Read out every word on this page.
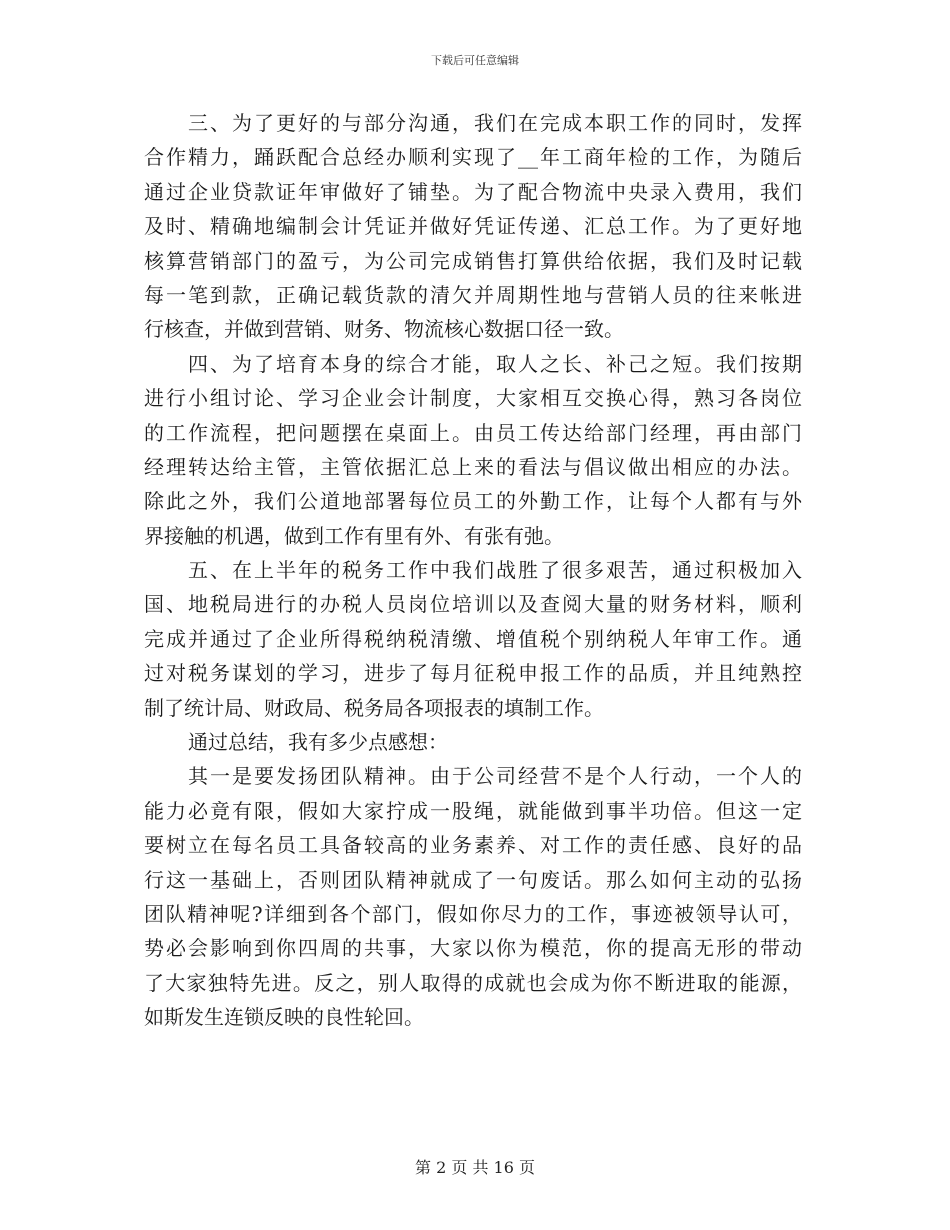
下载后可任意编辑
三、为了更好的与部分沟通，我们在完成本职工作的同时，发挥
合作精力，踊跃配合总经办顺利实现了__年工商年检的工作，为随后
通过企业贷款证年审做好了铺垫。为了配合物流中央录入费用，我们
及时、精确地编制会计凭证并做好凭证传递、汇总工作。为了更好地
核算营销部门的盈亏，为公司完成销售打算供给依据，我们及时记载
每一笔到款，正确记载货款的清欠并周期性地与营销人员的往来帐进
行核查，并做到营销、财务、物流核心数据口径一致。
四、为了培育本身的综合才能，取人之长、补己之短。我们按期
进行小组讨论、学习企业会计制度，大家相互交换心得，熟习各岗位
的工作流程，把问题摆在桌面上。由员工传达给部门经理，再由部门
经理转达给主管，主管依据汇总上来的看法与倡议做出相应的办法。
除此之外，我们公道地部署每位员工的外勤工作，让每个人都有与外
界接触的机遇，做到工作有里有外、有张有弛。
五、在上半年的税务工作中我们战胜了很多艰苦，通过积极加入
国、地税局进行的办税人员岗位培训以及查阅大量的财务材料，顺利
完成并通过了企业所得税纳税清缴、增值税个别纳税人年审工作。通
过对税务谋划的学习，进步了每月征税申报工作的品质，并且纯熟控
制了统计局、财政局、税务局各项报表的填制工作。
通过总结，我有多少点感想：
其一是要发扬团队精神。由于公司经营不是个人行动，一个人的
能力必竟有限，假如大家拧成一股绳，就能做到事半功倍。但这一定
要树立在每名员工具备较高的业务素养、对工作的责任感、良好的品
行这一基础上，否则团队精神就成了一句废话。那么如何主动的弘扬
团队精神呢?详细到各个部门，假如你尽力的工作，事迹被领导认可，
势必会影响到你四周的共事，大家以你为模范，你的提高无形的带动
了大家独特先进。反之，别人取得的成就也会成为你不断进取的能源，
如斯发生连锁反映的良性轮回。
第 2 页 共 16 页
